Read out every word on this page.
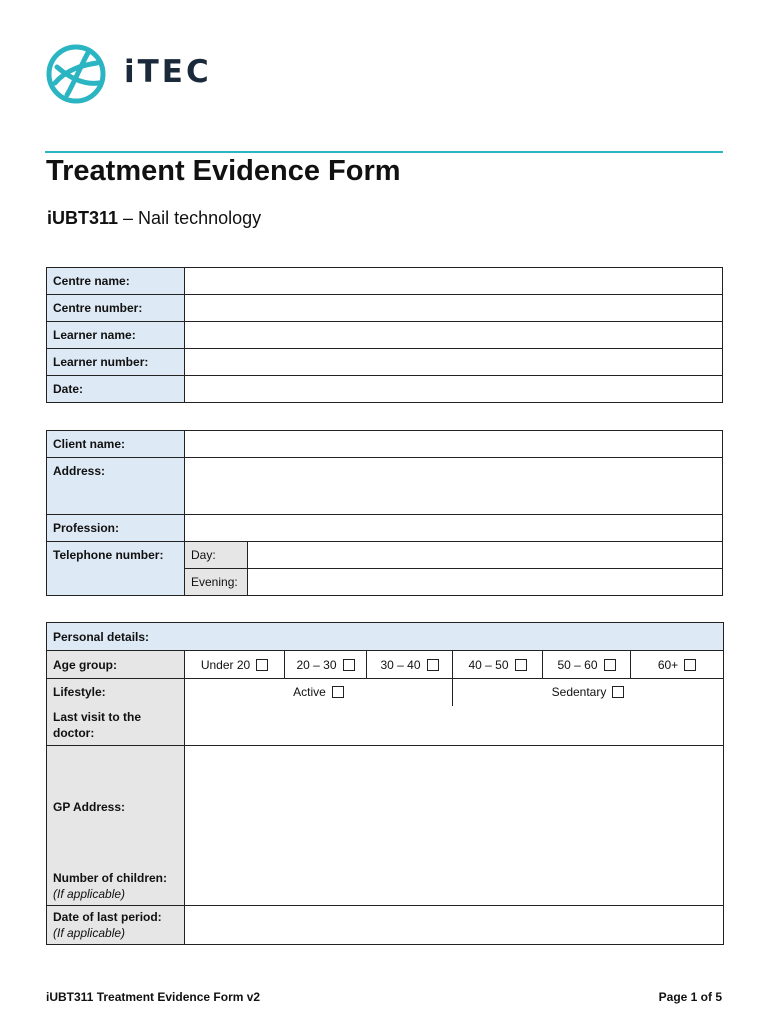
iTEC
Treatment Evidence Form
iUBT311 – Nail technology
Centre name:	
Centre number:	
Learner name:	
Learner number:	
Date:	
Client name:		
Address:		
Profession:		
Telephone number:	Day:	
	Evening:	
Personal details:						
Age group:	Under 20	20 – 30	30 – 40	40 – 50	50 – 60	60+

Lifestyle:	Active			Sedentary		

Last visit to the doctor:						
GP Address:						
Number of children:
(If applicable)						
Date of last period:
(If applicable)						
iUBT311 Treatment Evidence Form v2	Page 1 of 5
